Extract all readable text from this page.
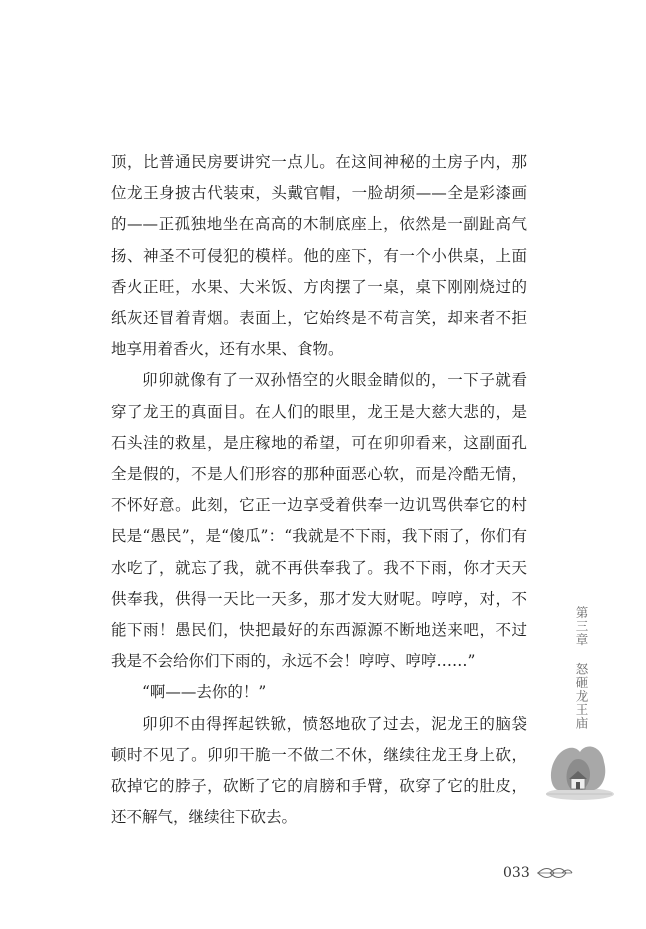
顶，比普通民房要讲究一点儿。在这间神秘的土房子内，那位龙王身披古代装束，头戴官帽，一脸胡须——全是彩漆画的——正孤独地坐在高高的木制底座上，依然是一副趾高气扬、神圣不可侵犯的模样。他的座下，有一个小供桌，上面香火正旺，水果、大米饭、方肉摆了一桌，桌下刚刚烧过的纸灰还冒着青烟。表面上，它始终是不苟言笑，却来者不拒地享用着香火，还有水果、食物。

卯卯就像有了一双孙悟空的火眼金睛似的，一下子就看穿了龙王的真面目。在人们的眼里，龙王是大慈大悲的，是石头洼的救星，是庄稼地的希望，可在卯卯看来，这副面孔全是假的，不是人们形容的那种面恶心软，而是冷酷无情，不怀好意。此刻，它正一边享受着供奉一边讥骂供奉它的村民是“愚民”，是“傻瓜”：“我就是不下雨，我下雨了，你们有水吃了，就忘了我，就不再供奉我了。我不下雨，你才天天供奉我，供得一天比一天多，那才发大财呢。哼哼，对，不能下雨！愚民们，快把最好的东西源源不断地送来吧，不过我是不会给你们下雨的，永远不会！哼哼、哼哼……”

“啊——去你的！”

卯卯不由得挥起铁锨，愤怒地砍了过去，泥龙王的脑袋顿时不见了。卯卯干脆一不做二不休，继续往龙王身上砍，砍掉它的脖子，砍断了它的肩膀和手臂，砍穿了它的肚皮，还不解气，继续往下砍去。

第三章怒砸龙王庙
033
